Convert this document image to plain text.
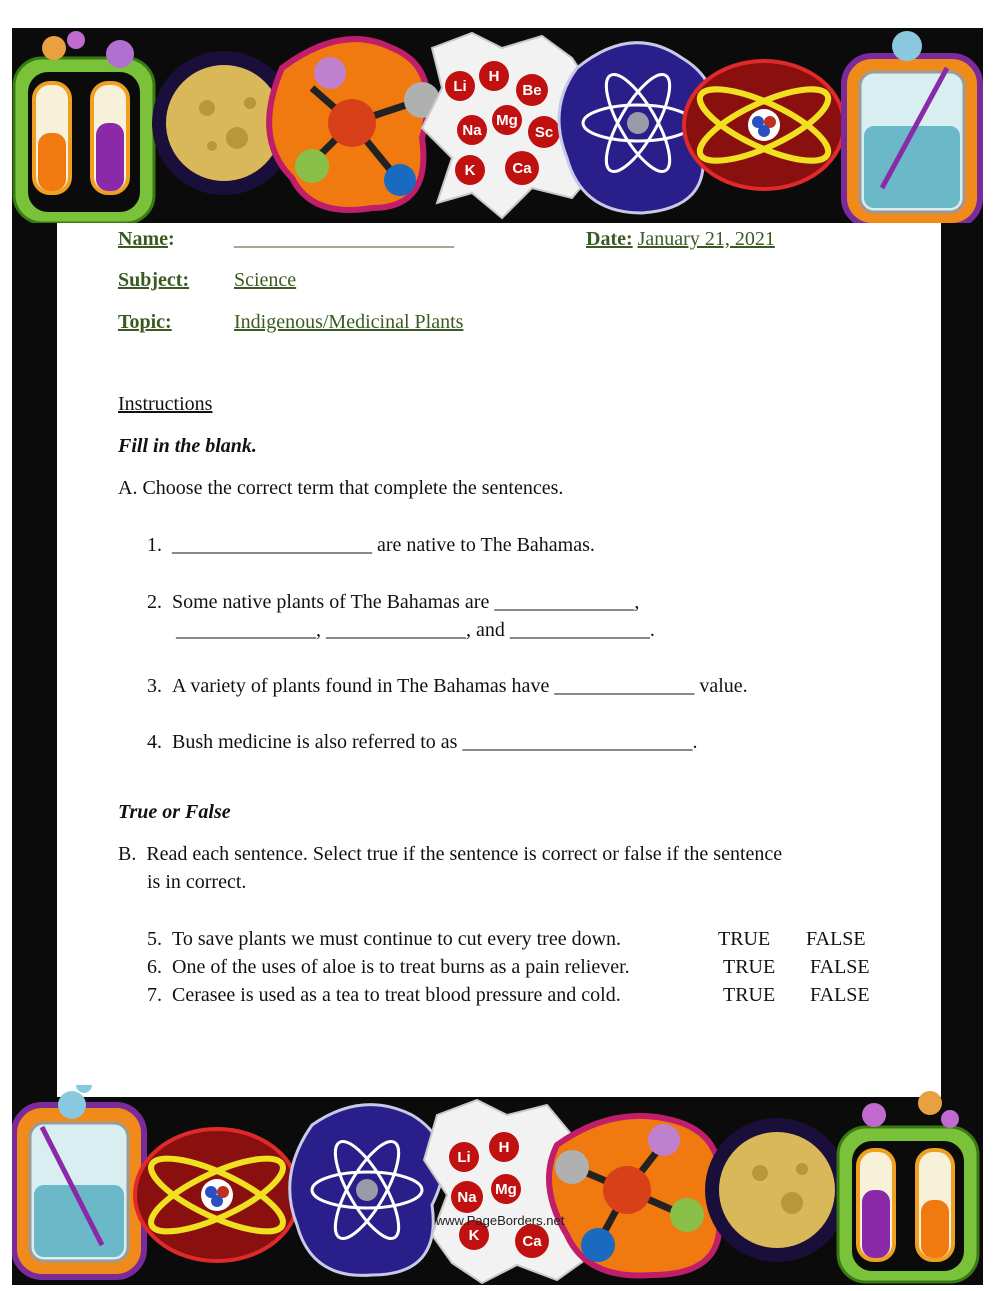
Li
H
Be
Na
Mg
Sc
K Ca
Li
H
Na Mg
K	Ca
www.PageBorders.net
Name:	______________________	Date: January 21, 2021
Subject: Science
Topic:	Indigenous/Medicinal Plants
Instructions
Fill in the blank.
A. Choose the correct term that complete the sentences.
1.  ____________________ are native to The Bahamas.
2.  Some native plants of The Bahamas are ______________,
______________, ______________, and ______________.
3.  A variety of plants found in The Bahamas have ______________ value.
4.  Bush medicine is also referred to as _______________________.
True or False
B.  Read each sentence. Select true if the sentence is correct or false if the sentence
is in correct.
5.  To save plants we must continue to cut every tree down.	TRUE FALSE
6.  One of the uses of aloe is to treat burns as a pain reliever.	TRUE FALSE
7.  Cerasee is used as a tea to treat blood pressure and cold.	TRUE FALSE
